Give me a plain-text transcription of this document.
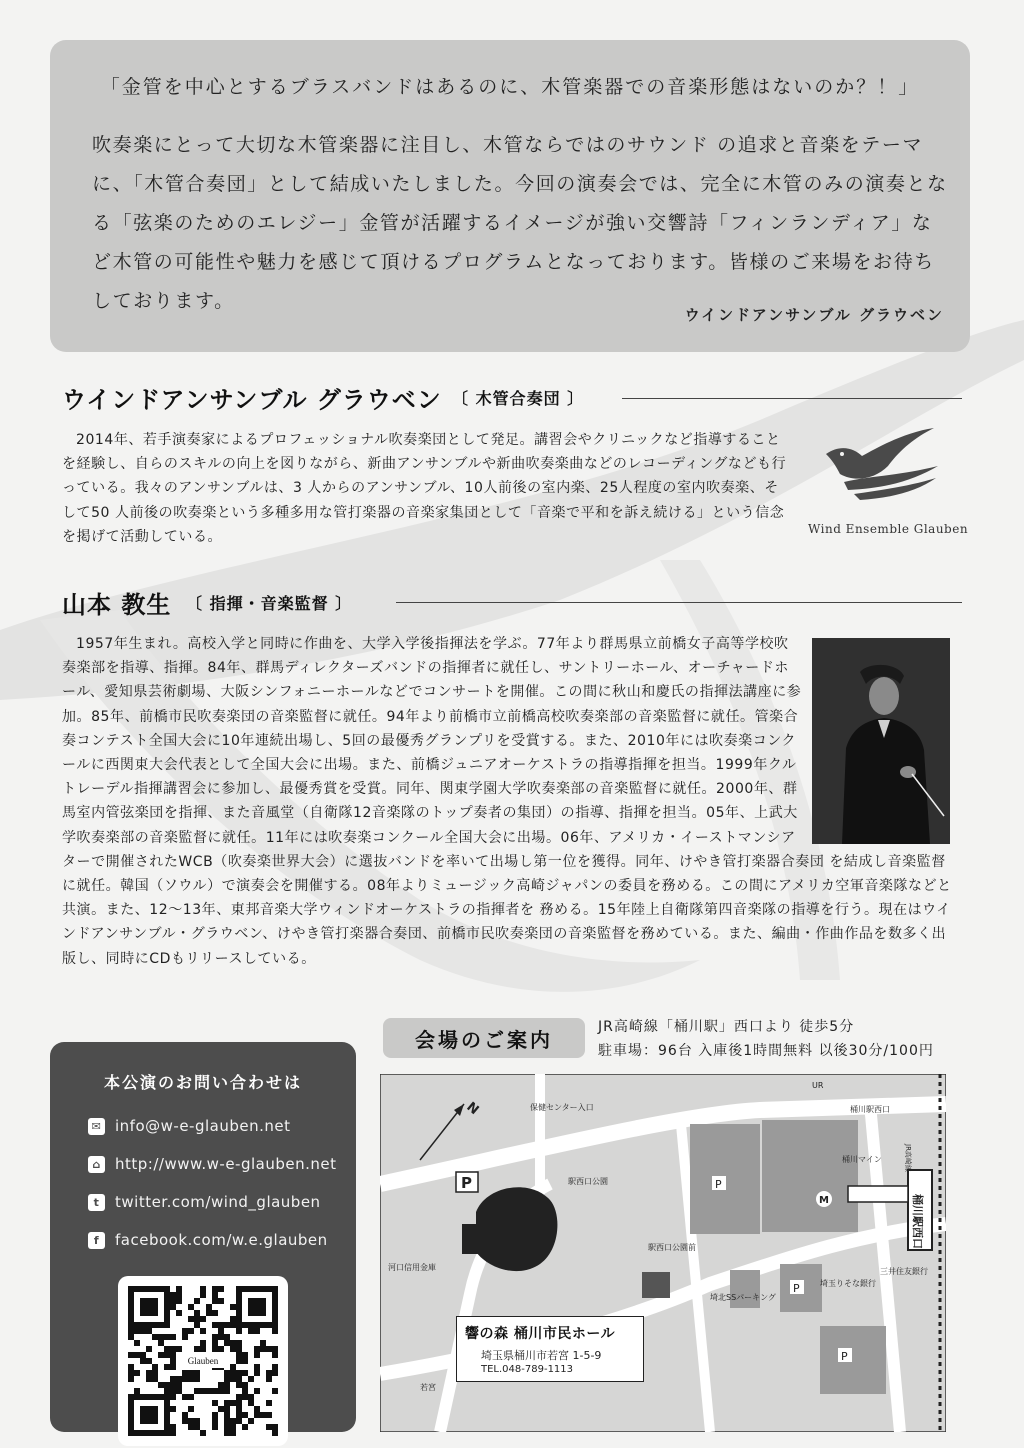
「金管を中心とするブラスバンドはあるのに、木管楽器での音楽形態はないのか？！」

吹奏楽にとって大切な木管楽器に注目し、木管ならではのサウンド の追求と音楽をテーマに、「木管合奏団」として結成いたしました。今回の演奏会では、完全に木管のみの演奏となる「弦楽のためのエレジー」金管が活躍するイメージが強い交響詩「フィンランディア」など木管の可能性や魅力を感じて頂けるプログラムとなっております。皆様のご来場をお待ちしております。

ウインドアンサンブル グラウベン
ウインドアンサンブル グラウベン 〔 木管合奏団 〕

2014年、若手演奏家によるプロフェッショナル吹奏楽団として発足。講習会やクリニックなど指導することを経験し、自らのスキルの向上を図りながら、新曲アンサンブルや新曲吹奏楽曲などのレコーディングなども行っている。我々のアンサンブルは、3 人からのアンサンブル、10人前後の室内楽、25人程度の室内吹奏楽、そして50 人前後の吹奏楽という多種多用な管打楽器の音楽家集団として「音楽で平和を訴え続ける」という信念を掲げて活動している。	Wind Ensemble Glauben
山本 教生 〔 指揮・音楽監督 〕

1957年生まれ。高校入学と同時に作曲を、大学入学後指揮法を学ぶ。77年より群馬県立前橋女子高等学校吹奏楽部を指導、指揮。84年、群馬ディレクターズバンドの指揮者に就任し、サントリーホール、オーチャードホール、愛知県芸術劇場、大阪シンフォニーホールなどでコンサートを開催。この間に秋山和慶氏の指揮法講座に参加。85年、前橋市民吹奏楽団の音楽監督に就任。94年より前橋市立前橋高校吹奏楽部の音楽監督に就任。管楽合奏コンテスト全国大会に10年連続出場し、5回の最優秀グランプリを受賞する。また、2010年には吹奏楽コンクールに西関東大会代表として全国大会に出場。また、前橋ジュニアオーケストラの指導指揮を担当。1999年クルトレーデル指揮講習会に参加し、最優秀賞を受賞。同年、関東学園大学吹奏楽部の音楽監督に就任。2000年、群馬室内管弦楽団を指揮、また音風堂（自衛隊12音楽隊のトップ奏者の集団）の指導、指揮を担当。05年、上武大学吹奏楽部の音楽監督に就任。11年には吹奏楽コンクール全国大会に出場。06年、アメリカ・イーストマンシアターで開催されたWCB（吹奏楽世界大会）に選抜バンドを率いて出場し第一位を獲得。同年、けやき管打楽器合奏団 を結成し音楽監督に就任。韓国（ソウル）で演奏会を開催する。08年よりミュージック高崎ジャパンの委員を務める。この間にアメリカ空軍音楽隊などと共演。また、12～13年、東邦音楽大学ウィンドオーケストラの指揮者を 務める。15年陸上自衛隊第四音楽隊の指導を行う。現在はウインドアンサンブル・グラウベン、けやき管打楽器合奏団、前橋市民吹奏楽団の音楽監督を務めている。また、編曲・作曲作品を数多く出版し、同時にCDもリリースしている。

本公演のお問い合わせは
✉ info@w-e-glauben.net
⌂ http://www.w-e-glauben.net
t	twitter.com/wind_glauben
f	facebook.com/w.e.glauben
Glauben
会場のご案内
JR高崎線「桶川駅」西口より 徒歩5分
駐車場：96台 入庫後1時間無料 以後30分/100円
P	P
P
P
M
N	保健センター入口
駅西口公園
桶川マイン
桶川駅西口
駅西口公園前
若宮
河口信用金庫
埼北SSパーキング
埼玉りそな銀行
三井住友銀行
UR
桶川駅西口
JR高崎線
響の森 桶川市民ホール
埼玉県桶川市若宮 1-5-9
TEL.048-789-1113
